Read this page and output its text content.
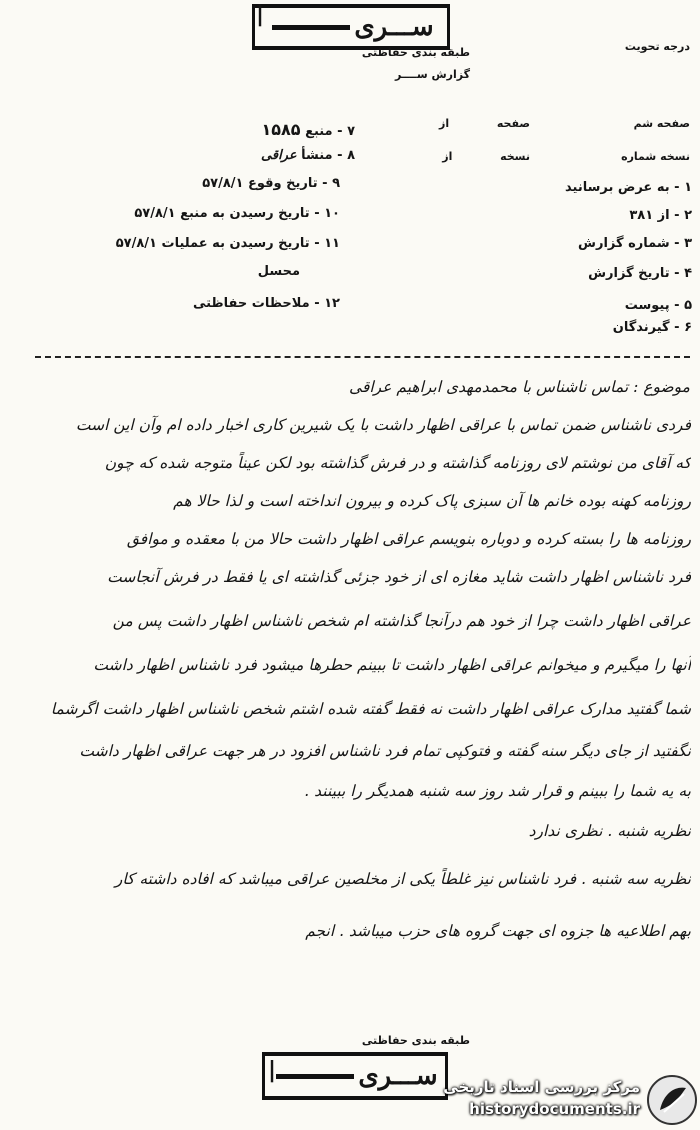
ســـری
طبقه بندی حفاظتی
گزارش ســــر
درجه تحویت
صفحه شم
نسخه شماره
۱ - به عرض برسانید
۲ - از ۳۸۱
۳ - شماره گزارش
۴ - تاریخ گزارش
۵ - پیوست
۶ - گیرندگان
صفحه  از
نسخه  از
۷ - منبع ۱۵۸۵
۸ - منشأ عراقی
۹ - تاریخ وقوع ۵۷/۸/۱
۱۰ - تاریخ رسیدن به منبع ۵۷/۸/۱
۱۱ - تاریخ رسیدن به عملیات ۵۷/۸/۱
محسل
۱۲ - ملاحظات حفاظتی
موضوع : تماس ناشناس با محمدمهدی ابراهیم عراقی
فردی ناشناس ضمن تماس با عراقی اظهار داشت با یک شیرین کاری اخبار داده ام وآن این است
که آقای من نوشتم لای روزنامه گذاشته و در فرش گذاشته بود لکن عیناً متوجه شده که چون
روزنامه کهنه بوده خانم ها آن سبزی پاک کرده و بیرون انداخته است و لذا حالا هم
روزنامه ها را بسته کرده و دوباره بنویسم عراقی اظهار داشت حالا من با معقده و موافق
فرد ناشناس اظهار داشت شاید مغازه ای از خود جزئی گذاشته ای یا فقط در فرش آنجاست
عراقی اظهار داشت چرا از خود هم درآنجا گذاشته ام شخص ناشناس اظهار داشت پس من
آنها را میگیرم و میخوانم عراقی اظهار داشت تا ببینم حطرها میشود فرد ناشناس اظهار داشت
شما گفتید مدارک عراقی اظهار داشت نه فقط گفته شده اشتم شخص ناشناس اظهار داشت اگرشما
نگفتید از جای دیگر سنه گفته و فتوکپی تمام فرد ناشناس افزود در هر جهت عراقی اظهار داشت
به یه شما را ببینم و قرار شد روز سه شنبه همدیگر را ببینند .
نظریه شنبه . نظری ندارد
نظریه سه شنبه . فرد ناشناس نیز غلطاً یکی از مخلصین عراقی میباشد که افاده داشته کار
بهم اطلاعیه ها جزوه ای جهت گروه های حزب میباشد . انجم
طبقه بندی حفاظتی
ســـری
|
|
مرکز بررسی اسناد تاریخی
historydocuments.ir
